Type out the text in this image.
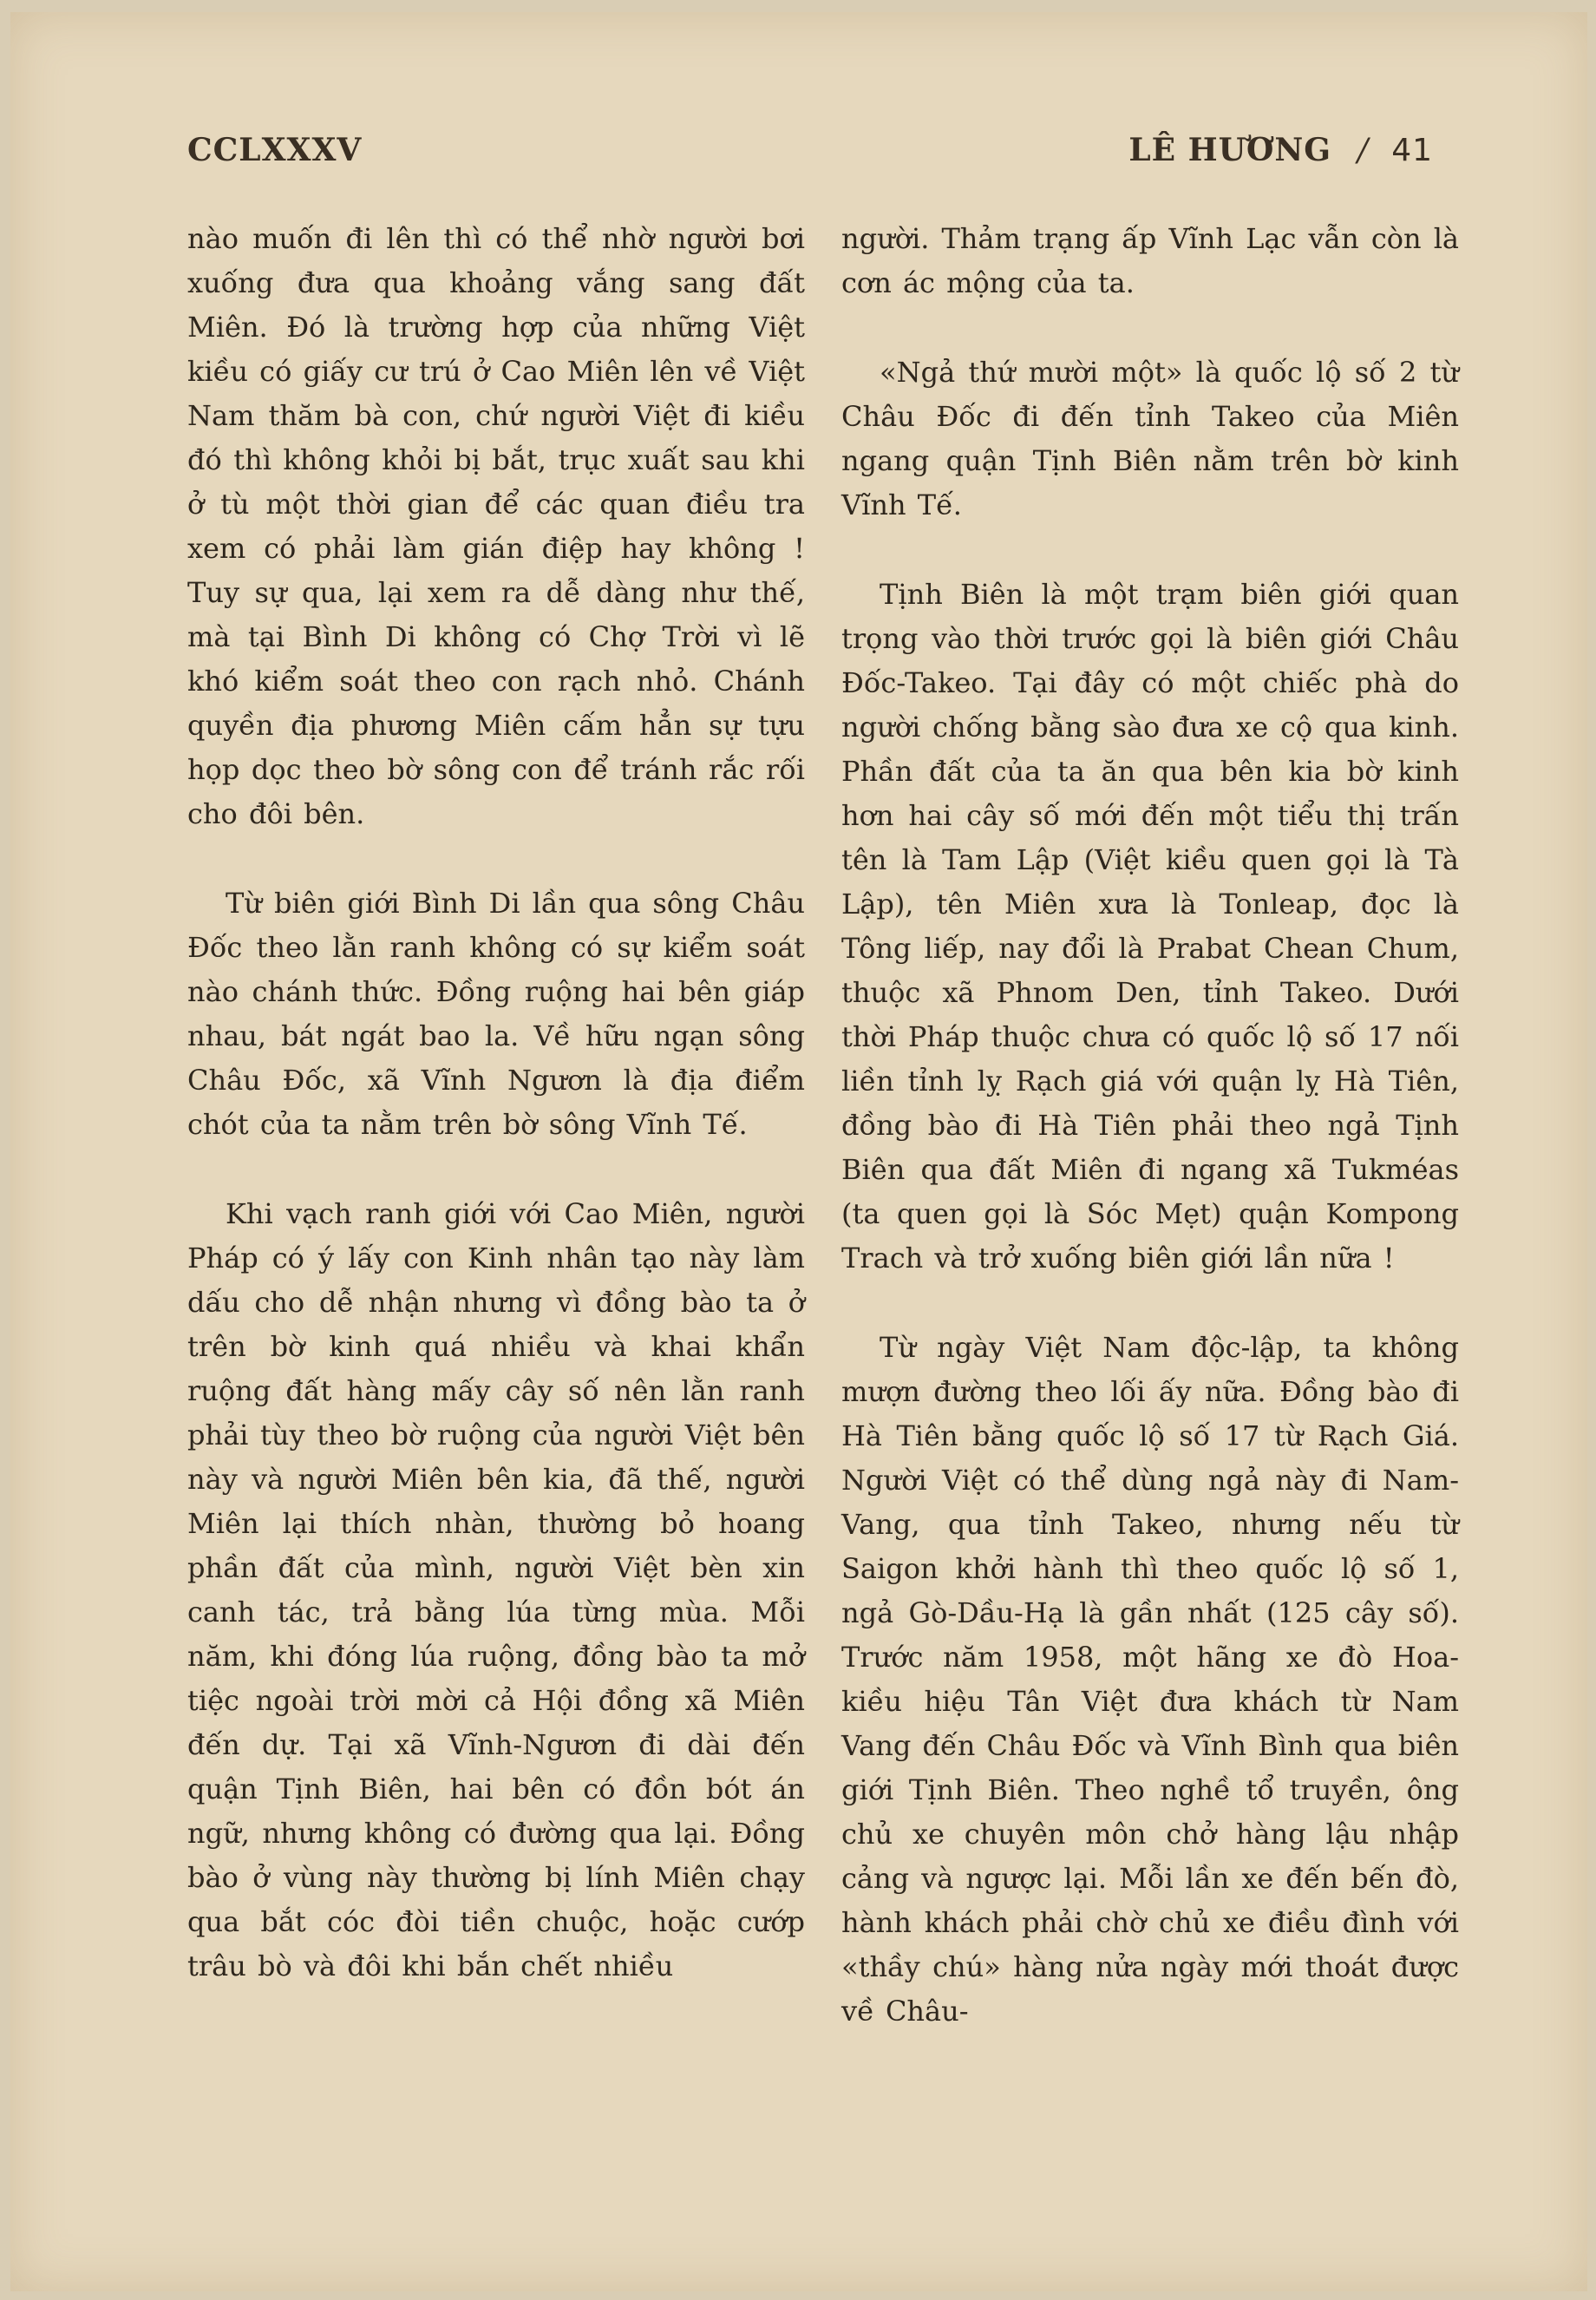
CCLXXXV	LÊ HƯƠNG / 41

nào muốn đi lên thì có thể nhờ người bơi xuống đưa qua khoảng vắng sang đất Miên. Đó là trường hợp của những Việt kiều có giấy cư trú ở Cao Miên lên về Việt Nam thăm bà con, chứ người Việt đi kiều đó thì không khỏi bị bắt, trục xuất sau khi ở tù một thời gian để các quan điều tra xem có phải làm gián điệp hay không ! Tuy sự qua, lại xem ra dễ dàng như thế, mà tại Bình Di không có Chợ Trời vì lẽ khó kiểm soát theo con rạch nhỏ. Chánh quyền địa phương Miên cấm hẳn sự tựu họp dọc theo bờ sông con để tránh rắc rối cho đôi bên.

Từ biên giới Bình Di lần qua sông Châu Đốc theo lằn ranh không có sự kiểm soát nào chánh thức. Đồng ruộng hai bên giáp nhau, bát ngát bao la. Về hữu ngạn sông Châu Đốc, xã Vĩnh Ngươn là địa điểm chót của ta nằm trên bờ sông Vĩnh Tế.

Khi vạch ranh giới với Cao Miên, người Pháp có ý lấy con Kinh nhân tạo này làm dấu cho dễ nhận nhưng vì đồng bào ta ở trên bờ kinh quá nhiều và khai khẩn ruộng đất hàng mấy cây số nên lằn ranh phải tùy theo bờ ruộng của người Việt bên này và người Miên bên kia, đã thế, người Miên lại thích nhàn, thường bỏ hoang phần đất của mình, người Việt bèn xin canh tác, trả bằng lúa từng mùa. Mỗi năm, khi đóng lúa ruộng, đồng bào ta mở tiệc ngoài trời mời cả Hội đồng xã Miên đến dự. Tại xã Vĩnh-Ngươn đi dài đến quận Tịnh Biên, hai bên có đồn bót án ngữ, nhưng không có đường qua lại. Đồng bào ở vùng này thường bị lính Miên chạy qua bắt cóc đòi tiền chuộc, hoặc cướp trâu bò và đôi khi bắn chết nhiều

người. Thảm trạng ấp Vĩnh Lạc vẫn còn là cơn ác mộng của ta.

«Ngả thứ mười một» là quốc lộ số 2 từ Châu Đốc đi đến tỉnh Takeo của Miên ngang quận Tịnh Biên nằm trên bờ kinh Vĩnh Tế.

Tịnh Biên là một trạm biên giới quan trọng vào thời trước gọi là biên giới Châu Đốc-Takeo. Tại đây có một chiếc phà do người chống bằng sào đưa xe cộ qua kinh. Phần đất của ta ăn qua bên kia bờ kinh hơn hai cây số mới đến một tiểu thị trấn tên là Tam Lập (Việt kiều quen gọi là Tà Lập), tên Miên xưa là Tonleap, đọc là Tông liếp, nay đổi là Prabat Chean Chum, thuộc xã Phnom Den, tỉnh Takeo. Dưới thời Pháp thuộc chưa có quốc lộ số 17 nối liền tỉnh lỵ Rạch giá với quận lỵ Hà Tiên, đồng bào đi Hà Tiên phải theo ngả Tịnh Biên qua đất Miên đi ngang xã Tukméas (ta quen gọi là Sóc Mẹt) quận Kompong Trach và trở xuống biên giới lần nữa !

Từ ngày Việt Nam độc-lập, ta không mượn đường theo lối ấy nữa. Đồng bào đi Hà Tiên bằng quốc lộ số 17 từ Rạch Giá. Người Việt có thể dùng ngả này đi Nam-Vang, qua tỉnh Takeo, nhưng nếu từ Saigon khởi hành thì theo quốc lộ số 1, ngả Gò-Dầu-Hạ là gần nhất (125 cây số). Trước năm 1958, một hãng xe đò Hoa-kiều hiệu Tân Việt đưa khách từ Nam Vang đến Châu Đốc và Vĩnh Bình qua biên giới Tịnh Biên. Theo nghề tổ truyền, ông chủ xe chuyên môn chở hàng lậu nhập cảng và ngược lại. Mỗi lần xe đến bến đò, hành khách phải chờ chủ xe điều đình với «thầy chú» hàng nửa ngày mới thoát được về Châu-
